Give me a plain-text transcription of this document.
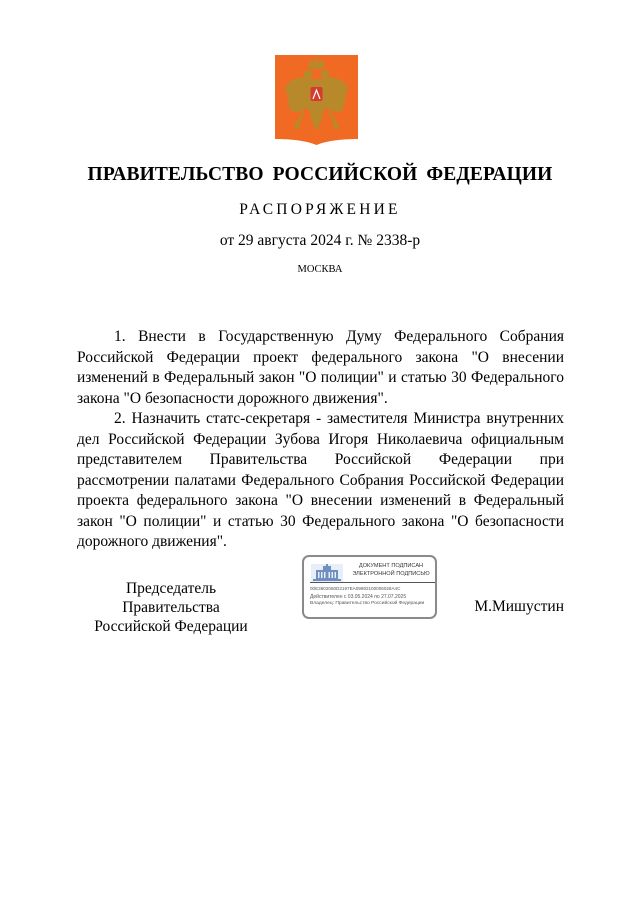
ПРАВИТЕЛЬСТВО РОССИЙСКОЙ ФЕДЕРАЦИИ
РАСПОРЯЖЕНИЕ
от 29 августа 2024 г. № 2338-р
МОСКВА

1. Внести в Государственную Думу Федерального Собрания Российской Федерации проект федерального закона "О внесении изменений в Федеральный закон "О полиции" и статью 30 Федерального закона "О безопасности дорожного движения".

2. Назначить статс-секретаря - заместителя Министра внутренних дел Российской Федерации Зубова Игоря Николаевича официальным представителем Правительства Российской Федерации при рассмотрении палатами Федерального Собрания Российской Федерации проекта федерального закона "О внесении изменений в Федеральный закон "О полиции" и статью 30 Федерального закона "О безопасности дорожного движения".

Председатель Правительства
Российской Федерации
ДОКУМЕНТ ПОДПИСАН
ЭЛЕКТРОННОЙ ПОДПИСЬЮ
00E3602060D2197EA09892100006028A4C
Действителен с 03.05.2024 по 27.07.2025
Владелец: Правительство Российской Федерации	М.Мишустин
